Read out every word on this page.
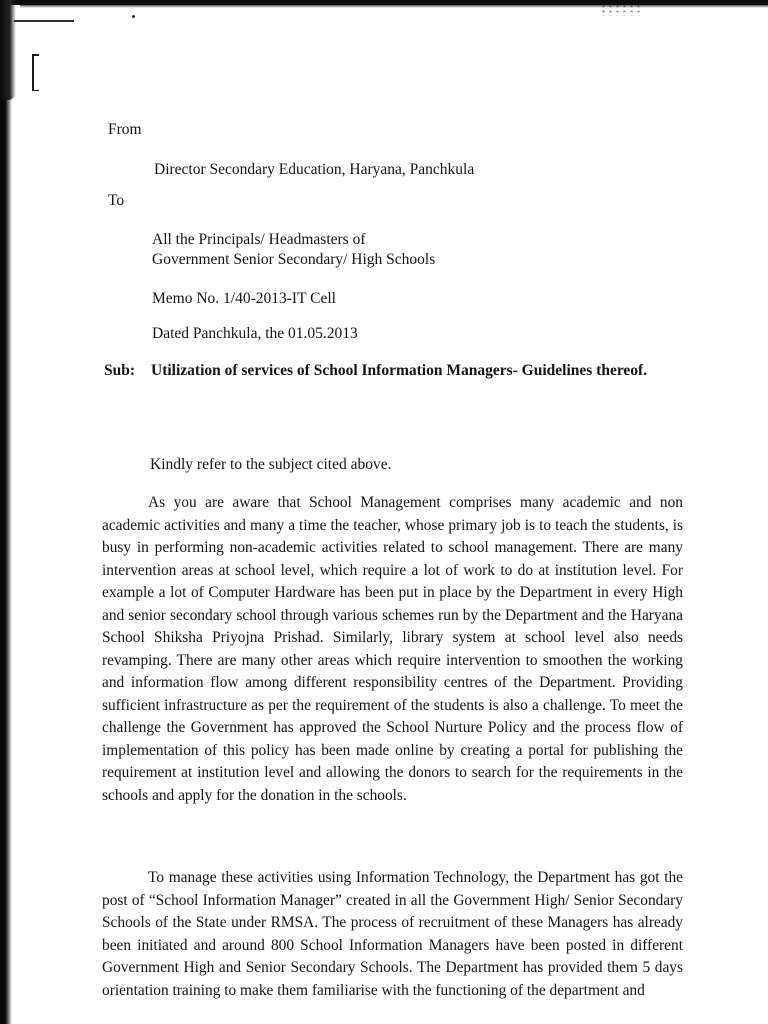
From
Director Secondary Education, Haryana, Panchkula
To
All the Principals/ Headmasters of
Government Senior Secondary/ High Schools
Memo No. 1/40-2013-IT Cell
Dated Panchkula, the 01.05.2013
Sub: Utilization of services of School Information Managers- Guidelines thereof.
Kindly refer to the subject cited above.

As you are aware that School Management comprises many academic and non academic activities and many a time the teacher, whose primary job is to teach the students, is busy in performing non-academic activities related to school management. There are many intervention areas at school level, which require a lot of work to do at institution level. For example a lot of Computer Hardware has been put in place by the Department in every High and senior secondary school through various schemes run by the Department and the Haryana School Shiksha Priyojna Prishad. Similarly, library system at school level also needs revamping. There are many other areas which require intervention to smoothen the working and information flow among different responsibility centres of the Department. Providing sufficient infrastructure as per the requirement of the students is also a challenge. To meet the challenge the Government has approved the School Nurture Policy and the process flow of implementation of this policy has been made online by creating a portal for publishing the requirement at institution level and allowing the donors to search for the requirements in the schools and apply for the donation in the schools.

To manage these activities using Information Technology, the Department has got the post of “School Information Manager” created in all the Government High/ Senior Secondary Schools of the State under RMSA. The process of recruitment of these Managers has already been initiated and around 800 School Information Managers have been posted in different Government High and Senior Secondary Schools. The Department has provided them 5 days orientation training to make them familiarise with the functioning of the department and
